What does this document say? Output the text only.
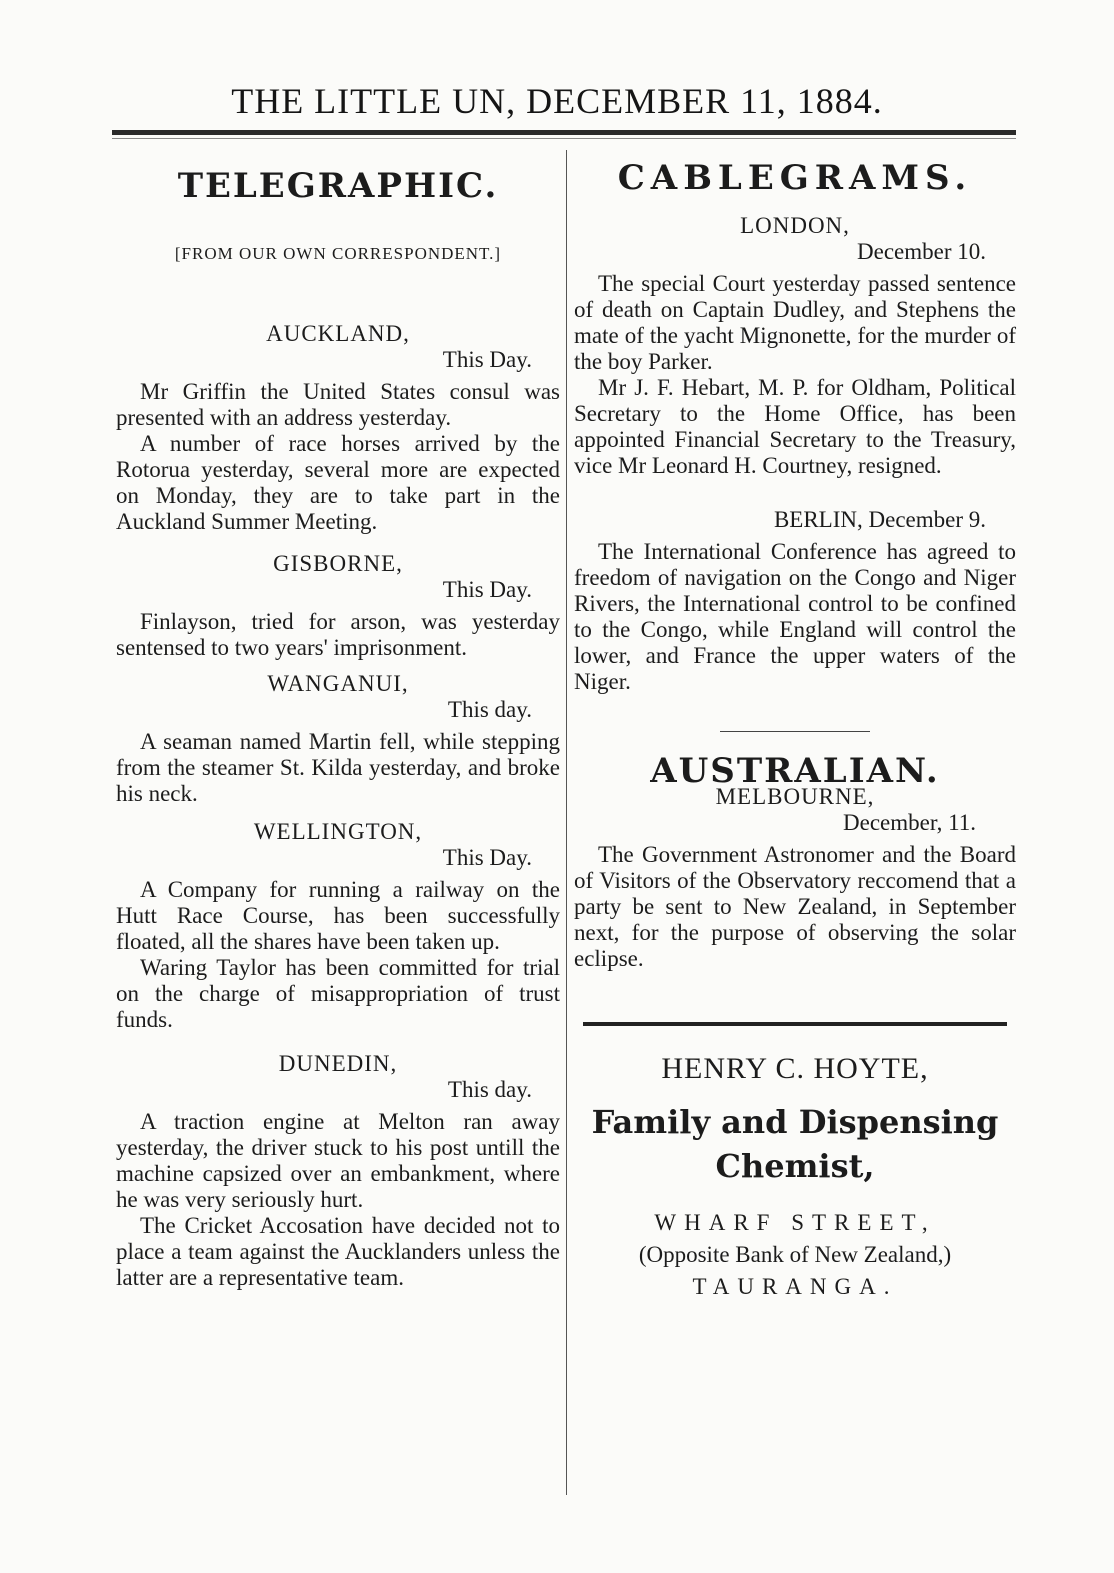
THE LITTLE UN, DECEMBER 11, 1884.
TELEGRAPHIC.
[FROM OUR OWN CORRESPONDENT.]
AUCKLAND,
This Day.

Mr Griffin the United States consul was presented with an address yesterday.

A number of race horses arrived by the Rotorua yesterday, several more are expected on Monday, they are to take part in the Auckland Summer Meeting.

GISBORNE,
This Day.

Finlayson, tried for arson, was yesterday sentensed to two years' imprisonment.

WANGANUI,
This day.

A seaman named Martin fell, while stepping from the steamer St. Kilda yesterday, and broke his neck.

WELLINGTON,
This Day.

A Company for running a railway on the Hutt Race Course, has been successfully floated, all the shares have been taken up.

Waring Taylor has been committed for trial on the charge of misappropriation of trust funds.

DUNEDIN,
This day.

A traction engine at Melton ran away yesterday, the driver stuck to his post untill the machine capsized over an embankment, where he was very seriously hurt.

The Cricket Accosation have decided not to place a team against the Aucklanders unless the latter are a representative team.

CABLEGRAMS.
LONDON,
December 10.

The special Court yesterday passed sentence of death on Captain Dudley, and Stephens the mate of the yacht Mignonette, for the murder of the boy Parker.

Mr J. F. Hebart, M. P. for Oldham, Political Secretary to the Home Office, has been appointed Financial Secretary to the Treasury, vice Mr Leonard H. Courtney, resigned.

BERLIN, December 9.

The International Conference has agreed to freedom of navigation on the Congo and Niger Rivers, the International control to be confined to the Congo, while England will control the lower, and France the upper waters of the Niger.

AUSTRALIAN.
MELBOURNE,
December, 11.

The Government Astronomer and the Board of Visitors of the Observatory reccomend that a party be sent to New Zealand, in September next, for the purpose of observing the solar eclipse.

HENRY C. HOYTE,
Family and Dispensing
Chemist,
WHARF STREET,
(Opposite Bank of New Zealand,)
TAURANGA.
